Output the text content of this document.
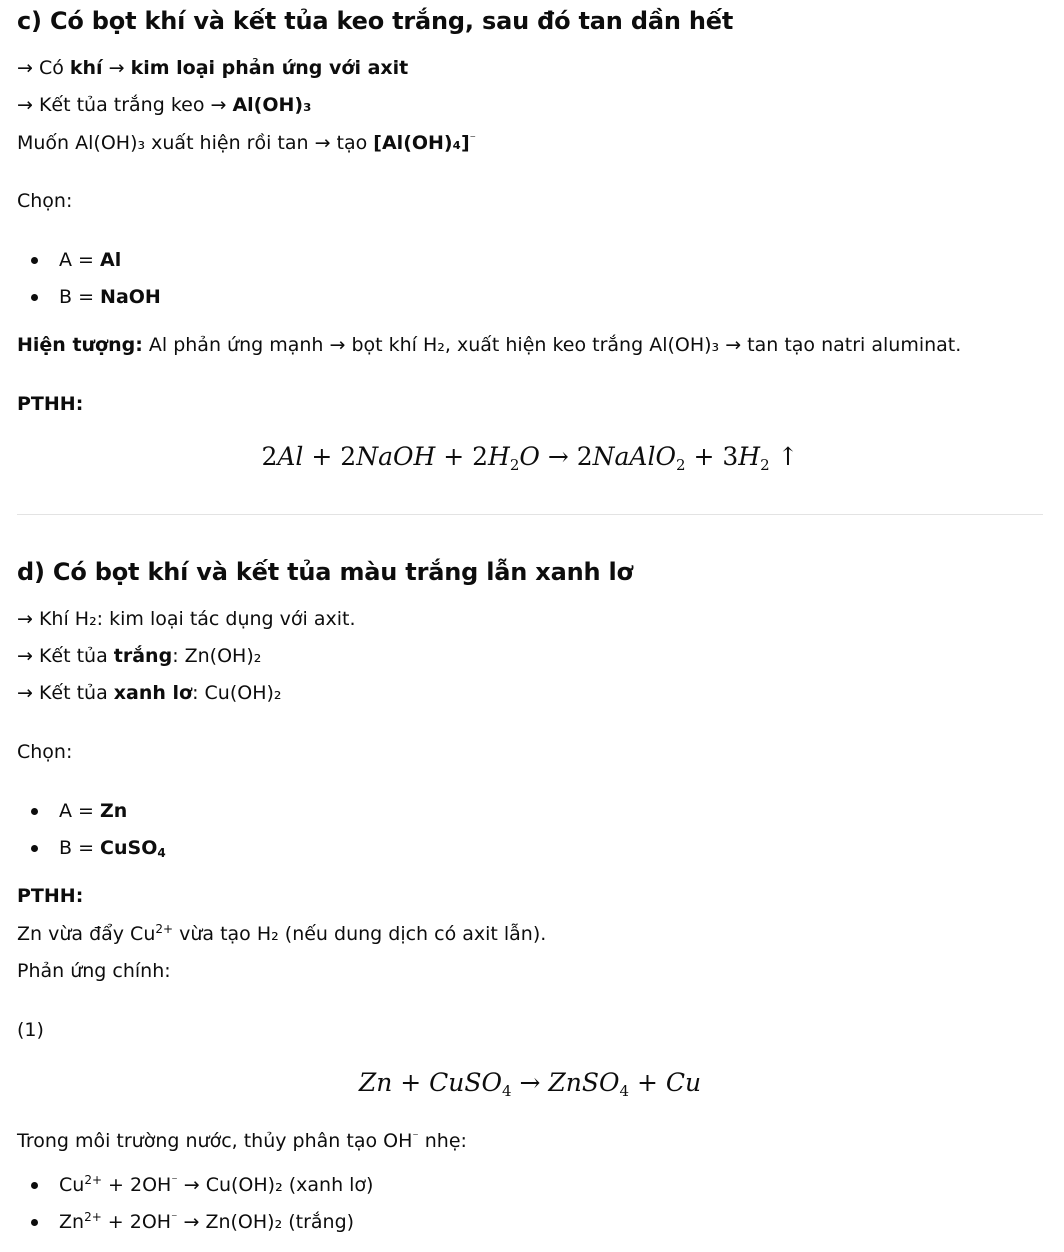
c) Có bọt khí và kết tủa keo trắng, sau đó tan dần hết

→ Có khí → kim loại phản ứng với axit

→ Kết tủa trắng keo → Al(OH)₃

Muốn Al(OH)₃ xuất hiện rồi tan → tạo [Al(OH)₄]⁻

Chọn:

A = Al
B = NaOH

Hiện tượng: Al phản ứng mạnh → bọt khí H₂, xuất hiện keo trắng Al(OH)₃ → tan tạo natri aluminat.

PTHH:

2Al + 2NaOH + $2H_2O$ → 2NaAlO$_2$ + $3H_2$ ↑
d) Có bọt khí và kết tủa màu trắng lẫn xanh lơ

→ Khí H₂: kim loại tác dụng với axit.

→ Kết tủa trắng: Zn(OH)₂

→ Kết tủa xanh lơ: Cu(OH)₂

Chọn:

A = Zn
B = CuSO$_4$

PTHH:

Zn vừa đẩy $Cu^{2+}$ vừa tạo H₂ (nếu dung dịch có axit lẫn).

Phản ứng chính:

(1)

Zn + CuSO$_4$ → ZnSO$_4$ + Cu

Trong môi trường nước, thủy phân tạo OH⁻ nhẹ:

$Cu^{2+} + 2OH^{^-} \to Cu(OH)_2$ (xanh lơ)
$Zn^{2+} + 2OH^{^-} \to Zn(OH)_2$ (trắng)
